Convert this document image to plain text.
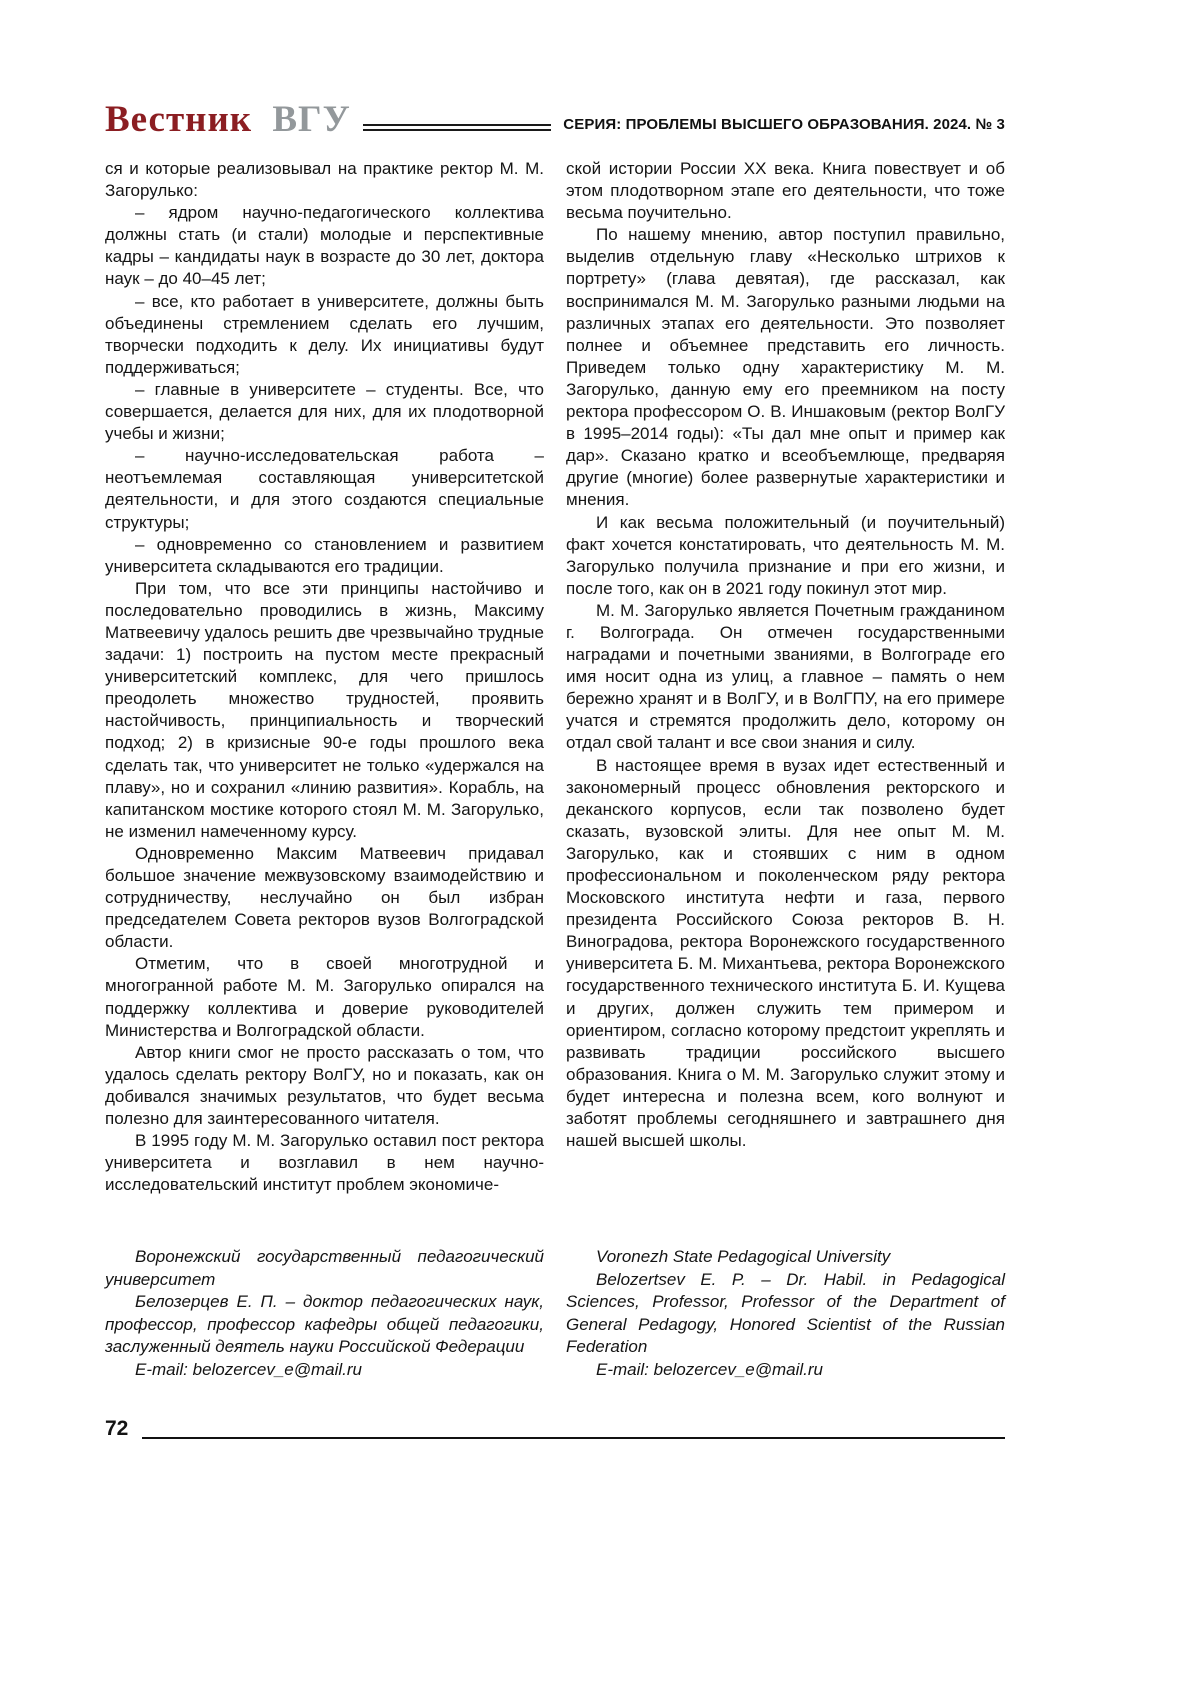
Вестник ВГУ	СЕРИЯ: ПРОБЛЕМЫ ВЫСШЕГО ОБРАЗОВАНИЯ. 2024. № 3

ся и которые реализовывал на практике ректор М. М. Загорулько:

– ядром научно-педагогического коллектива должны стать (и стали) молодые и перспективные кадры – кандидаты наук в возрасте до 30 лет, доктора наук – до 40–45 лет;

– все, кто работает в университете, должны быть объединены стремлением сделать его лучшим, творчески подходить к делу. Их инициативы будут поддерживаться;

– главные в университете – студенты. Все, что совершается, делается для них, для их плодотворной учебы и жизни;

– научно-исследовательская работа – неотъемлемая составляющая университетской деятельности, и для этого создаются специальные структуры;

– одновременно со становлением и развитием университета складываются его традиции.

При том, что все эти принципы настойчиво и последовательно проводились в жизнь, Максиму Матвеевичу удалось решить две чрезвычайно трудные задачи: 1) построить на пустом месте прекрасный университетский комплекс, для чего пришлось преодолеть множество трудностей, проявить настойчивость, принципиальность и творческий подход; 2) в кризисные 90-е годы прошлого века сделать так, что университет не только «удержался на плаву», но и сохранил «линию развития». Корабль, на капитанском мостике которого стоял М. М. Загорулько, не изменил намеченному курсу.

Одновременно Максим Матвеевич придавал большое значение межвузовскому взаимодействию и сотрудничеству, неслучайно он был избран председателем Совета ректоров вузов Волгоградской области.

Отметим, что в своей многотрудной и многогранной работе М. М. Загорулько опирался на поддержку коллектива и доверие руководителей Министерства и Волгоградской области.

Автор книги смог не просто рассказать о том, что удалось сделать ректору ВолГУ, но и показать, как он добивался значимых результатов, что будет весьма полезно для заинтересованного читателя.

В 1995 году М. М. Загорулько оставил пост ректора университета и возглавил в нем научно-исследовательский институт проблем экономиче-

ской истории России XX века. Книга повествует и об этом плодотворном этапе его деятельности, что тоже весьма поучительно.

По нашему мнению, автор поступил правильно, выделив отдельную главу «Несколько штрихов к портрету» (глава девятая), где рассказал, как воспринимался М. М. Загорулько разными людьми на различных этапах его деятельности. Это позволяет полнее и объемнее представить его личность. Приведем только одну характеристику М. М. Загорулько, данную ему его преемником на посту ректора профессором О. В. Иншаковым (ректор ВолГУ в 1995–2014 годы): «Ты дал мне опыт и пример как дар». Сказано кратко и всеобъемлюще, предваряя другие (многие) более развернутые характеристики и мнения.

И как весьма положительный (и поучительный) факт хочется констатировать, что деятельность М. М. Загорулько получила признание и при его жизни, и после того, как он в 2021 году покинул этот мир.

М. М. Загорулько является Почетным гражданином г. Волгограда. Он отмечен государственными наградами и почетными званиями, в Волгограде его имя носит одна из улиц, а главное – память о нем бережно хранят и в ВолГУ, и в ВолГПУ, на его примере учатся и стремятся продолжить дело, которому он отдал свой талант и все свои знания и силу.

В настоящее время в вузах идет естественный и закономерный процесс обновления ректорского и деканского корпусов, если так позволено будет сказать, вузовской элиты. Для нее опыт М. М. Загорулько, как и стоявших с ним в одном профессиональном и поколенческом ряду ректора Московского института нефти и газа, первого президента Российского Союза ректоров В. Н. Виноградова, ректора Воронежского государственного университета Б. М. Михантьева, ректора Воронежского государственного технического института Б. И. Кущева и других, должен служить тем примером и ориентиром, согласно которому предстоит укреплять и развивать традиции российского высшего образования. Книга о М. М. Загорулько служит этому и будет интересна и полезна всем, кого волнуют и заботят проблемы сегодняшнего и завтрашнего дня нашей высшей школы.

Воронежский государственный педагогический университет

Белозерцев Е. П. – доктор педагогических наук, профессор, профессор кафедры общей педагогики, заслуженный деятель науки Российской Федерации

E-mail: belozercev_e@mail.ru

Voronezh State Pedagogical University

Belozertsev E. P. – Dr. Habil. in Pedagogical Sciences, Professor, Professor of the Department of General Pedagogy, Honored Scientist of the Russian Federation

E-mail: belozercev_e@mail.ru

72
